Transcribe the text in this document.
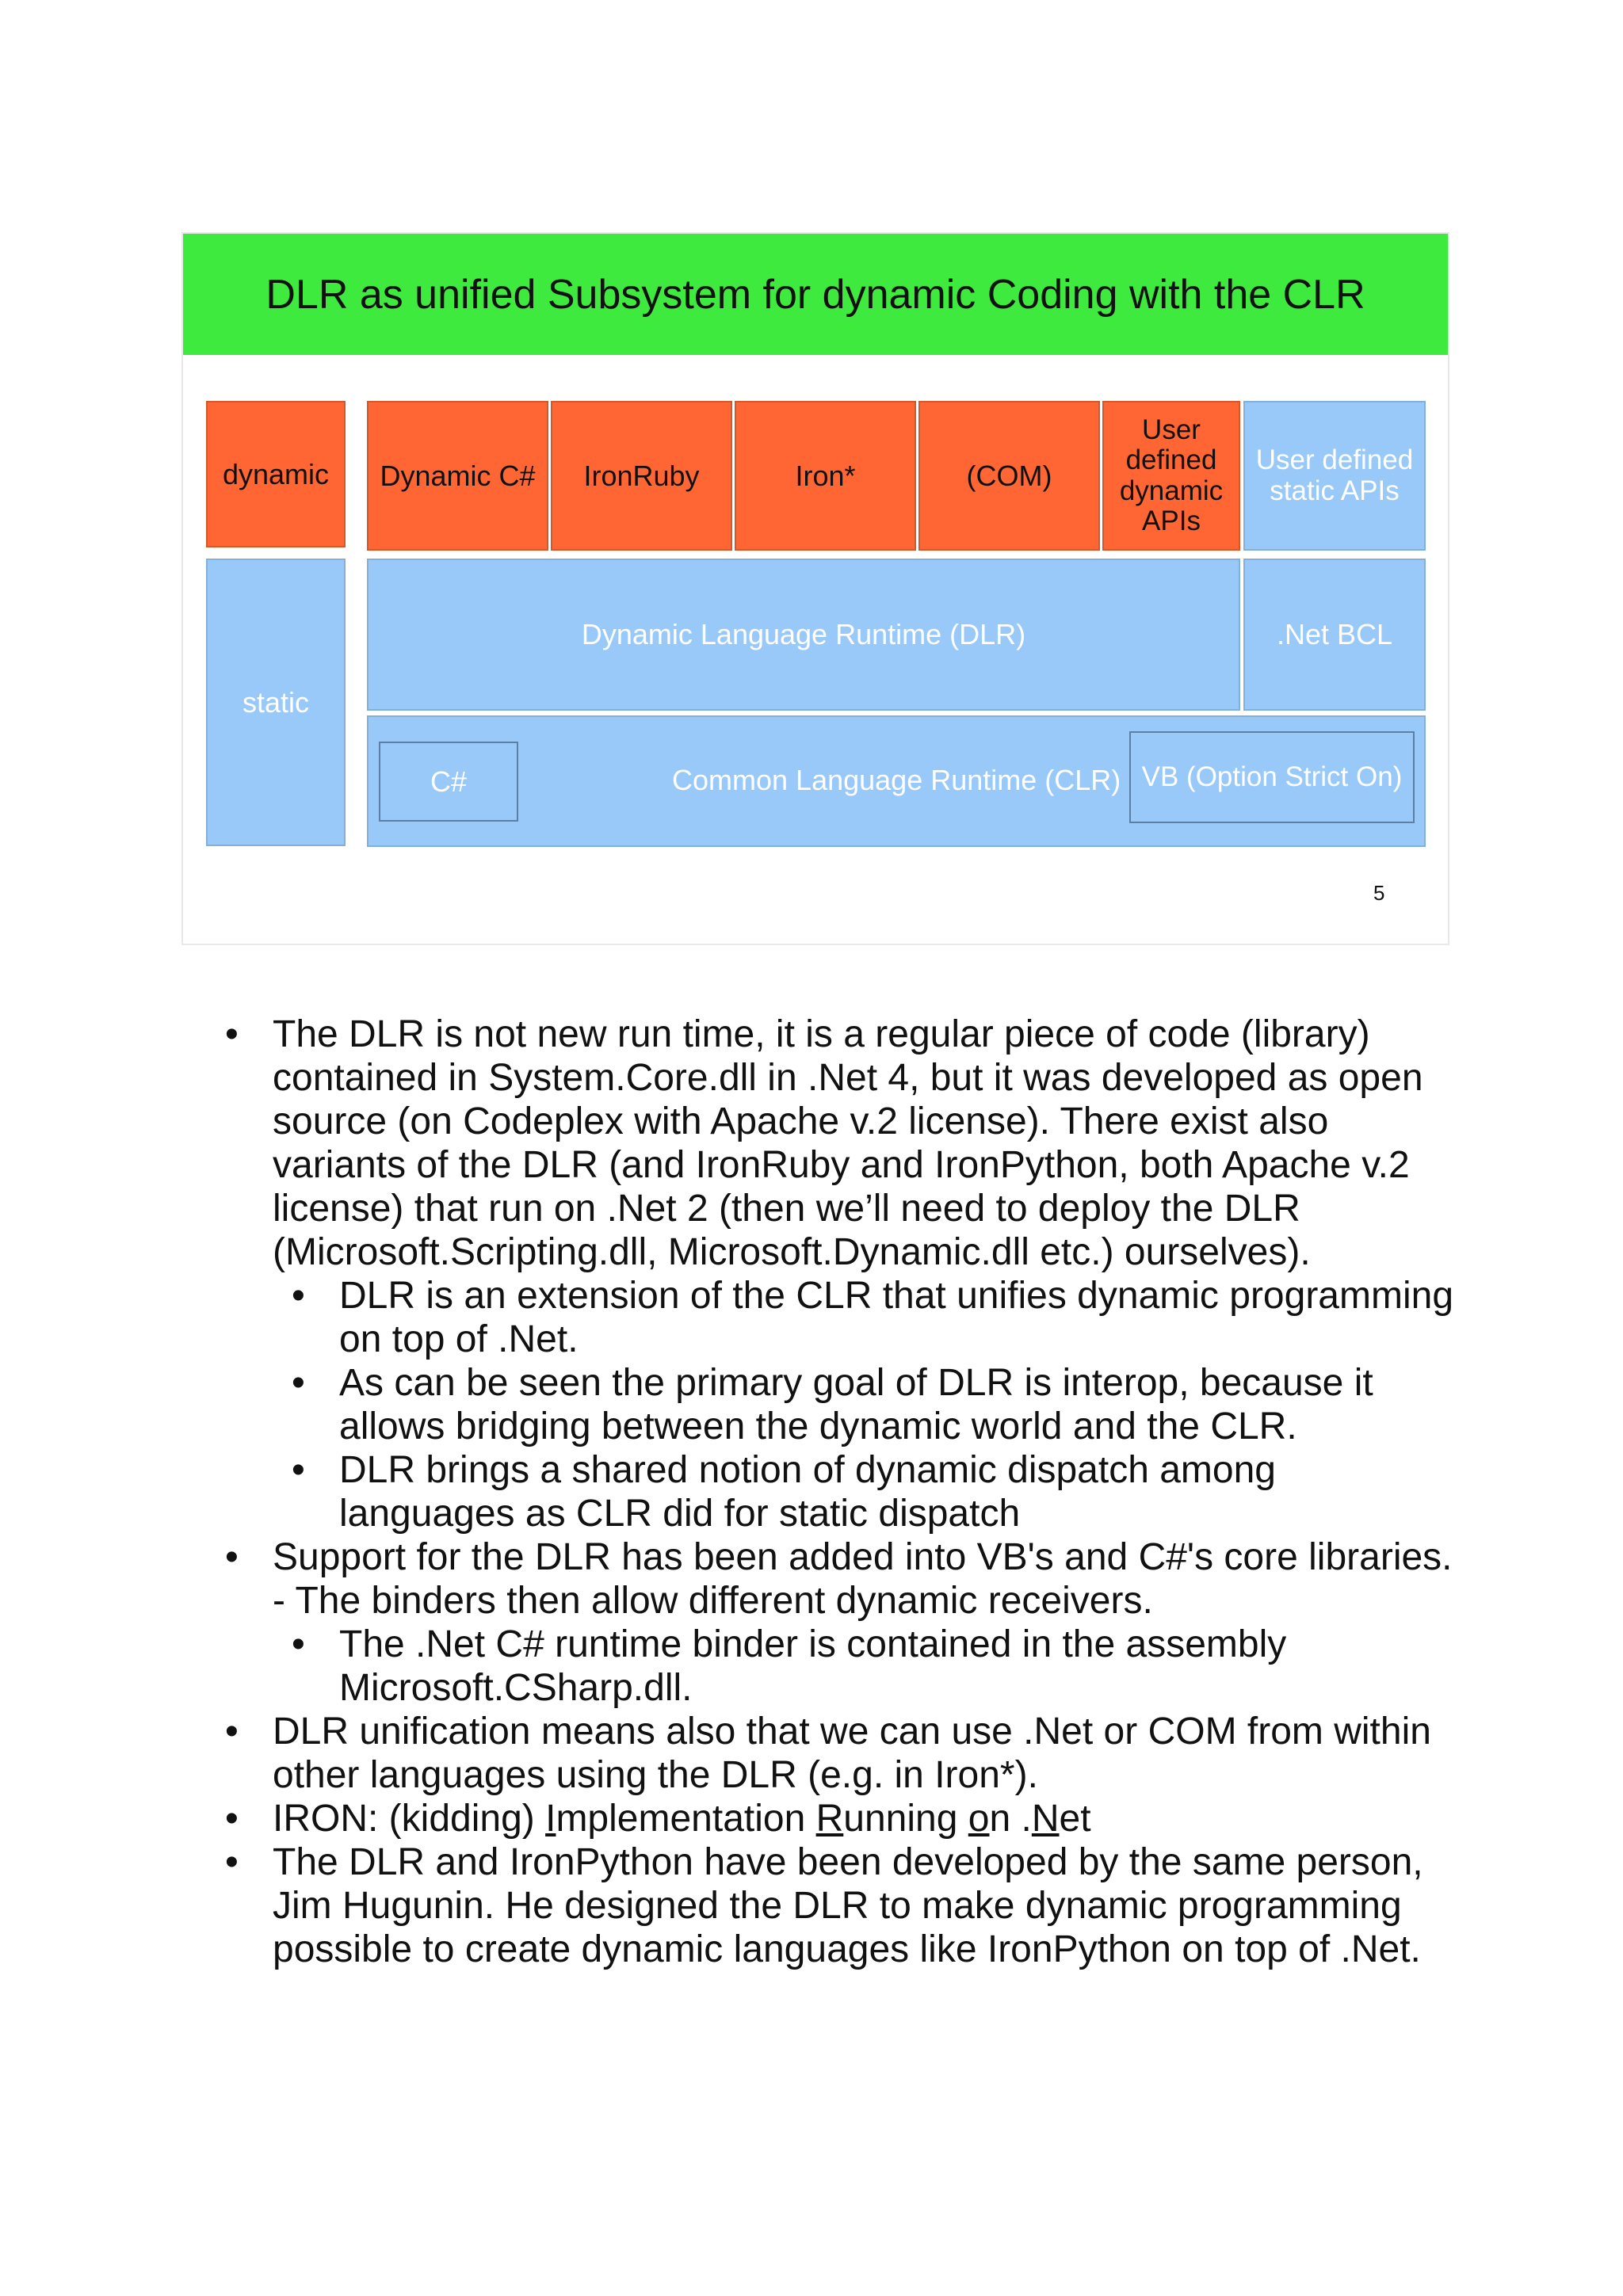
DLR as unified Subsystem for dynamic Coding with the CLR
dynamic Dynamic C# IronRuby	Iron*	(COM)
User defined dynamic APIs
User defined static APIs
static
Dynamic Language Runtime (DLR)	.Net BCL
Common Language Runtime (CLR)
C#	VB (Option Strict On)
5
• The DLR is not new run time, it is a regular piece of code (library) contained in System.Core.dll in .Net 4, but it was developed as open source (on Codeplex with Apache v.2 license). There exist also variants of the DLR (and IronRuby and IronPython, both Apache v.2 license) that run on .Net 2 (then we’ll need to deploy the DLR (Microsoft.Scripting.dll, Microsoft.Dynamic.dll etc.) ourselves).
• DLR is an extension of the CLR that unifies dynamic programming on top of .Net.
• As can be seen the primary goal of DLR is interop, because it allows bridging between the dynamic world and the CLR.
• DLR brings a shared notion of dynamic dispatch among languages as CLR did for static dispatch
• Support for the DLR has been added into VB's and C#'s core libraries. - The binders then allow different dynamic receivers.
• The .Net C# runtime binder is contained in the assembly Microsoft.CSharp.dll.
• DLR unification means also that we can use .Net or COM from within other languages using the DLR (e.g. in Iron*).
• IRON: (kidding) Implementation Running on .Net
• The DLR and IronPython have been developed by the same person, Jim Hugunin. He designed the DLR to make dynamic programming possible to create dynamic languages like IronPython on top of .Net.
